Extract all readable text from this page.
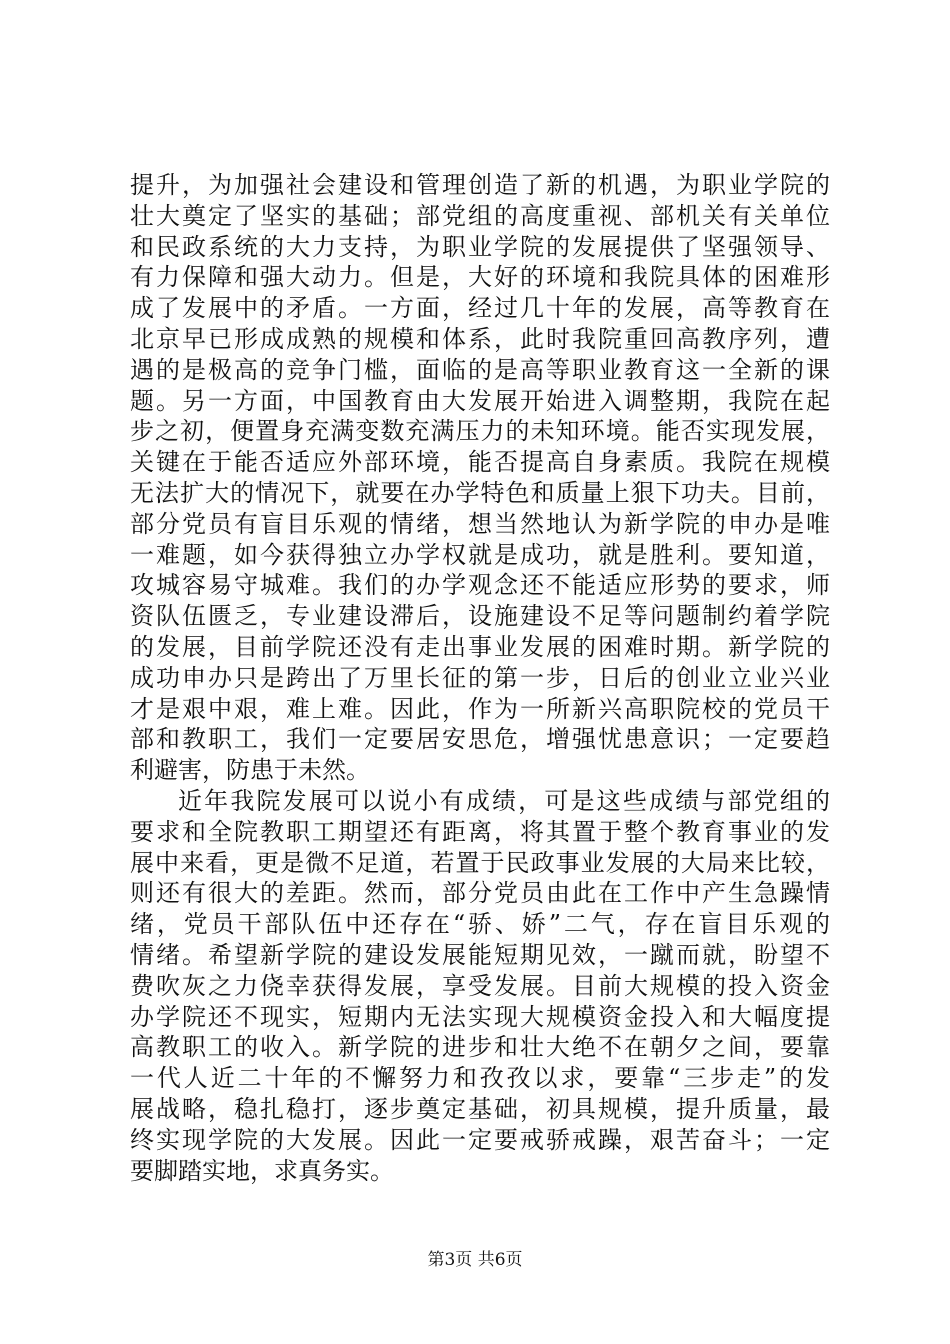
提升，为加强社会建设和管理创造了新的机遇，为职业学院的
壮大奠定了坚实的基础；部党组的高度重视、部机关有关单位
和民政系统的大力支持，为职业学院的发展提供了坚强领导、
有力保障和强大动力。但是，大好的环境和我院具体的困难形
成了发展中的矛盾。一方面，经过几十年的发展，高等教育在
北京早已形成成熟的规模和体系，此时我院重回高教序列，遭
遇的是极高的竞争门槛，面临的是高等职业教育这一全新的课
题。另一方面，中国教育由大发展开始进入调整期，我院在起
步之初，便置身充满变数充满压力的未知环境。能否实现发展，
关键在于能否适应外部环境，能否提高自身素质。我院在规模
无法扩大的情况下，就要在办学特色和质量上狠下功夫。目前，
部分党员有盲目乐观的情绪，想当然地认为新学院的申办是唯
一难题，如今获得独立办学权就是成功，就是胜利。要知道，
攻城容易守城难。我们的办学观念还不能适应形势的要求，师
资队伍匮乏，专业建设滞后，设施建设不足等问题制约着学院
的发展，目前学院还没有走出事业发展的困难时期。新学院的
成功申办只是跨出了万里长征的第一步，日后的创业立业兴业
才是艰中艰，难上难。因此，作为一所新兴高职院校的党员干
部和教职工，我们一定要居安思危，增强忧患意识；一定要趋
利避害，防患于未然。
近年我院发展可以说小有成绩，可是这些成绩与部党组的
要求和全院教职工期望还有距离，将其置于整个教育事业的发
展中来看，更是微不足道，若置于民政事业发展的大局来比较，
则还有很大的差距。然而，部分党员由此在工作中产生急躁情
绪，党员干部队伍中还存在“骄、娇”二气，存在盲目乐观的
情绪。希望新学院的建设发展能短期见效，一蹴而就，盼望不
费吹灰之力侥幸获得发展，享受发展。目前大规模的投入资金
办学院还不现实，短期内无法实现大规模资金投入和大幅度提
高教职工的收入。新学院的进步和壮大绝不在朝夕之间，要靠
一代人近二十年的不懈努力和孜孜以求，要靠“三步走”的发
展战略，稳扎稳打，逐步奠定基础，初具规模，提升质量，最
终实现学院的大发展。因此一定要戒骄戒躁，艰苦奋斗；一定
要脚踏实地，求真务实。
第3页 共6页
